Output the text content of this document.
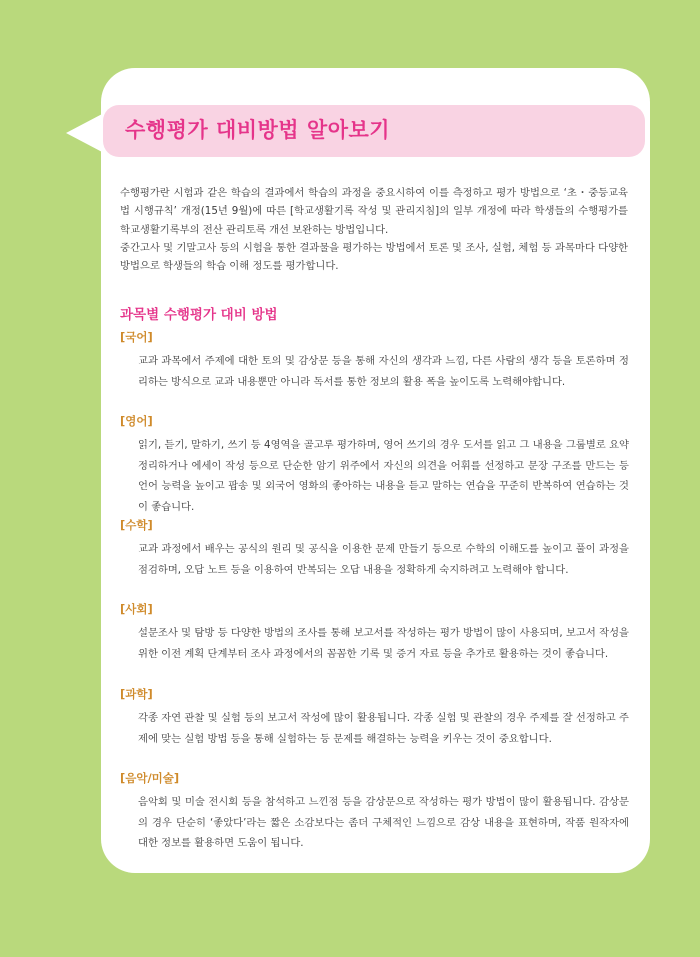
수행평가 대비방법 알아보기

수행평가란 시험과 같은 학습의 결과에서 학습의 과정을 중요시하여 이를 측정하고 평가 방법으로 ‘초・중등교육법 시행규칙’ 개정(15년 9월)에 따른 [학교생활기록 작성 및 관리지침]의 일부 개정에 따라 학생들의 수행평가를 학교생활기록부의 전산 관리토록 개선 보완하는 방법입니다.

중간고사 및 기말고사 등의 시험을 통한 결과물을 평가하는 방법에서 토론 및 조사, 실험, 체험 등 과목마다 다양한 방법으로 학생들의 학습 이해 정도를 평가합니다.

과목별 수행평가 대비 방법
[국어]
교과 과목에서 주제에 대한 토의 및 감상문 등을 통해 자신의 생각과 느낌, 다른 사람의 생각 등을 토론하며 정리하는 방식으로 교과 내용뿐만 아니라 독서를 통한 정보의 활용 폭을 높이도록 노력해야합니다.
[영어]
읽기, 듣기, 말하기, 쓰기 등 4영역을 골고루 평가하며, 영어 쓰기의 경우 도서를 읽고 그 내용을 그룹별로 요약 정리하거나 에세이 작성 등으로 단순한 암기 위주에서 자신의 의견을 어휘를 선정하고 문장 구조를 만드는 등 언어 능력을 높이고 팝송 및 외국어 영화의 좋아하는 내용을 듣고 말하는 연습을 꾸준히 반복하여 연습하는 것이 좋습니다.
[수학]
교과 과정에서 배우는 공식의 원리 및 공식을 이용한 문제 만들기 등으로 수학의 이해도를 높이고 풀이 과정을 점검하며, 오답 노트 등을 이용하여 반복되는 오답 내용을 정확하게 숙지하려고 노력해야 합니다.
[사회]
설문조사 및 탐방 등 다양한 방법의 조사를 통해 보고서를 작성하는 평가 방법이 많이 사용되며, 보고서 작성을 위한 이전 계획 단계부터 조사 과정에서의 꼼꼼한 기록 및 증거 자료 등을 추가로 활용하는 것이 좋습니다.
[과학]
각종 자연 관찰 및 실험 등의 보고서 작성에 많이 활용됩니다. 각종 실험 및 관찰의 경우 주제를 잘 선정하고 주제에 맞는 실험 방법 등을 통해 실험하는 등 문제를 해결하는 능력을 키우는 것이 중요합니다.
[음악/미술]
음악회 및 미술 전시회 등을 참석하고 느낀점 등을 감상문으로 작성하는 평가 방법이 많이 활용됩니다. 감상문의 경우 단순히 ‘좋았다’라는 짧은 소감보다는 좀더 구체적인 느낌으로 감상 내용을 표현하며, 작품 원작자에 대한 정보를 활용하면 도움이 됩니다.
